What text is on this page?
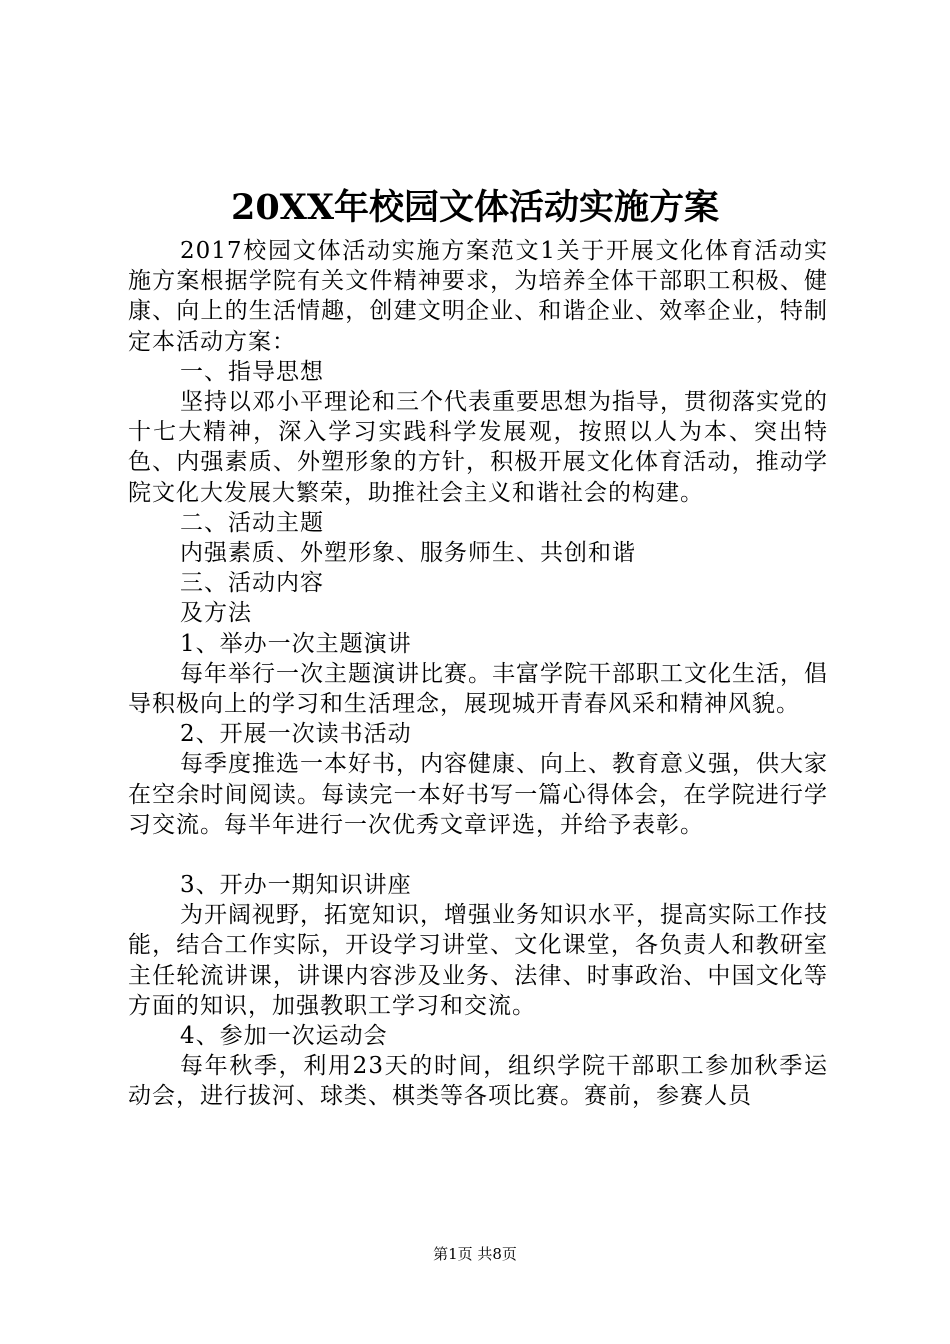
20XX年校园文体活动实施方案

2017校园文体活动实施方案范文1关于开展文化体育活动实施方案根据学院有关文件精神要求，为培养全体干部职工积极、健康、向上的生活情趣，创建文明企业、和谐企业、效率企业，特制定本活动方案：

一、指导思想

坚持以邓小平理论和三个代表重要思想为指导，贯彻落实党的十七大精神，深入学习实践科学发展观，按照以人为本、突出特色、内强素质、外塑形象的方针，积极开展文化体育活动，推动学院文化大发展大繁荣，助推社会主义和谐社会的构建。

二、活动主题

内强素质、外塑形象、服务师生、共创和谐

三、活动内容

及方法

1、举办一次主题演讲

每年举行一次主题演讲比赛。丰富学院干部职工文化生活，倡导积极向上的学习和生活理念，展现城开青春风采和精神风貌。

2、开展一次读书活动

每季度推选一本好书，内容健康、向上、教育意义强，供大家在空余时间阅读。每读完一本好书写一篇心得体会，在学院进行学习交流。每半年进行一次优秀文章评选，并给予表彰。

3、开办一期知识讲座

为开阔视野，拓宽知识，增强业务知识水平，提高实际工作技能，结合工作实际，开设学习讲堂、文化课堂，各负责人和教研室主任轮流讲课，讲课内容涉及业务、法律、时事政治、中国文化等方面的知识，加强教职工学习和交流。

4、参加一次运动会

每年秋季，利用23天的时间，组织学院干部职工参加秋季运动会，进行拔河、球类、棋类等各项比赛。赛前，参赛人员

第1页 共8页
